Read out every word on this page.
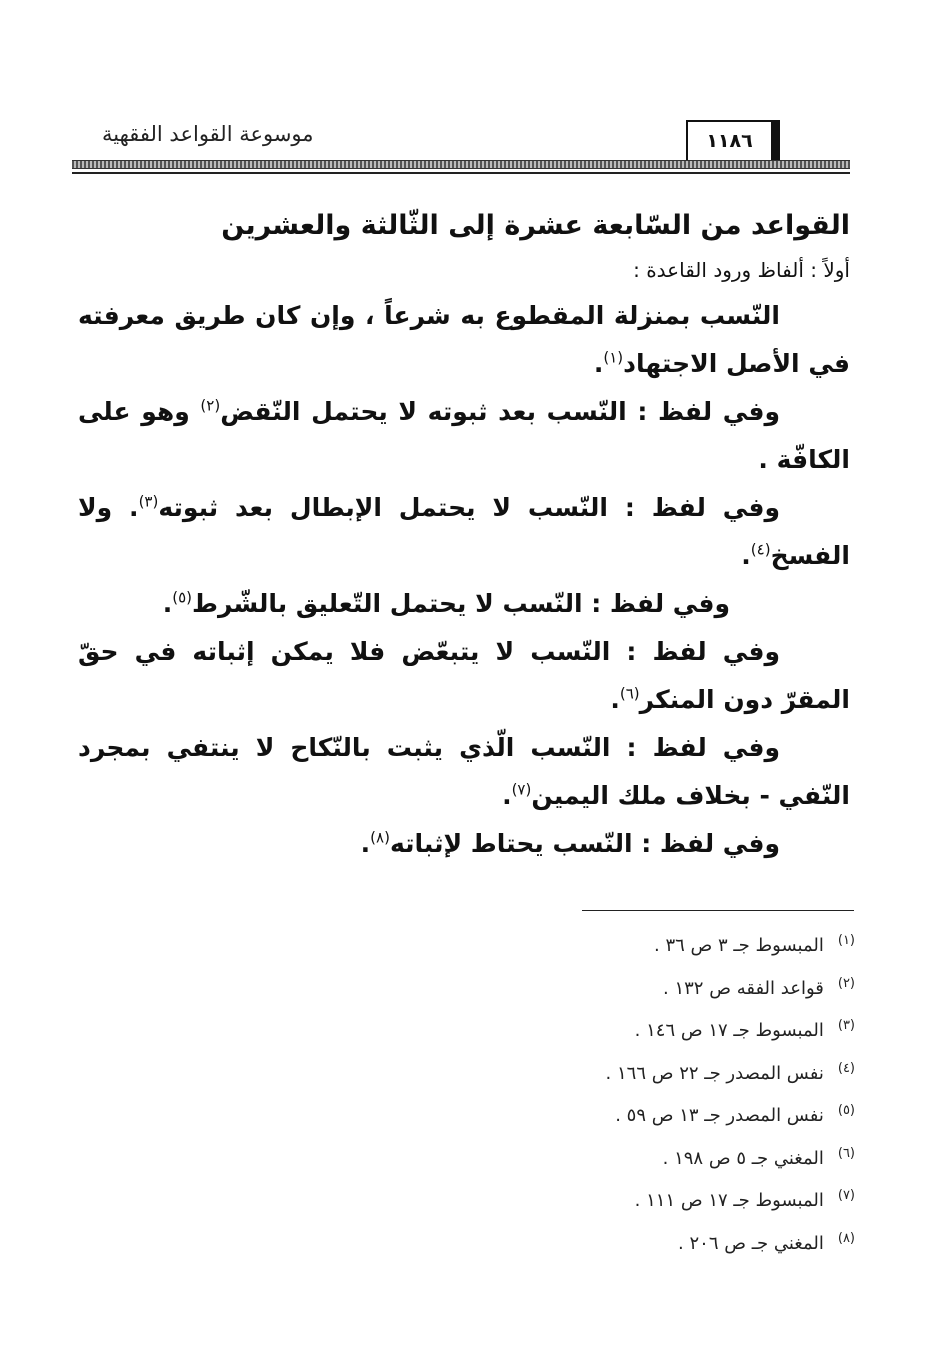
١١٨٦
موسوعة القواعد الفقهية

القواعد من السّابعة عشرة إلى الثّالثة والعشرين

أولاً : ألفاظ ورود القاعدة :

النّسب بمنزلة المقطوع به شرعاً ، وإن كان طريق معرفته في الأصل الاجتهاد$^{(١)}$.

وفي لفظ : النّسب بعد ثبوته لا يحتمل النّقض$^{(٢)}$ وهو على الكافّة .

وفي لفظ : النّسب لا يحتمل الإبطال بعد ثبوته$^{(٣)}$. ولا الفسخ$^{(٤)}$.

وفي لفظ : النّسب لا يحتمل التّعليق بالشّرط$^{(٥)}$.

وفي لفظ : النّسب لا يتبعّض فلا يمكن إثباته في حقّ المقرّ دون المنكر$^{(٦)}$.

وفي لفظ : النّسب الّذي يثبت بالنّكاح لا ينتفي بمجرد النّفي - بخلاف ملك اليمين$^{(٧)}$.

وفي لفظ : النّسب يحتاط لإثباته$^{(٨)}$.

$^{(١)}$المبسوط جـ ٣ ص ٣٦ .
$^{(٢)}$قواعد الفقه ص ١٣٢ .
$^{(٣)}$المبسوط جـ ١٧ ص ١٤٦ .
$^{(٤)}$نفس المصدر جـ ٢٢ ص ١٦٦ .
$^{(٥)}$نفس المصدر جـ ١٣ ص ٥٩ .
$^{(٦)}$المغني جـ ٥ ص ١٩٨ .
$^{(٧)}$المبسوط جـ ١٧ ص ١١١ .
$^{(٨)}$المغني جـ ص ٢٠٦ .
